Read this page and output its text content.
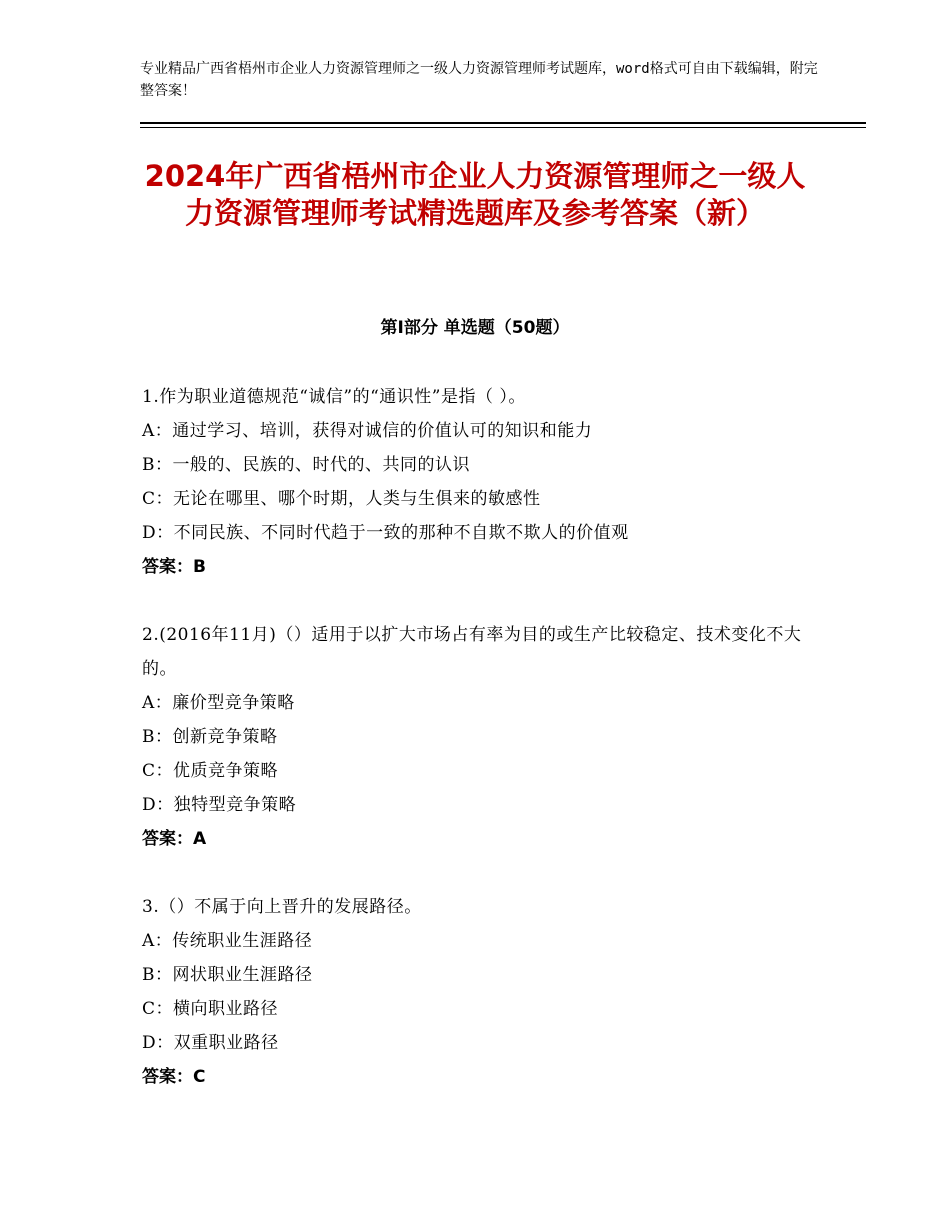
专业精品广西省梧州市企业人力资源管理师之一级人力资源管理师考试题库，word格式可自由下载编辑，附完整答案！
2024年广西省梧州市企业人力资源管理师之一级人力资源管理师考试精选题库及参考答案（新）
第Ⅰ部分 单选题（50题）
1.作为职业道德规范“诚信”的“通识性”是指（ ）。
A：通过学习、培训，获得对诚信的价值认可的知识和能力
B：一般的、民族的、时代的、共同的认识
C：无论在哪里、哪个时期，人类与生俱来的敏感性
D：不同民族、不同时代趋于一致的那种不自欺不欺人的价值观
答案：B
2.(2016年11月)（）适用于以扩大市场占有率为目的或生产比较稳定、技术变化不大的。
A：廉价型竞争策略
B：创新竞争策略
C：优质竞争策略
D：独特型竞争策略
答案：A
3.（）不属于向上晋升的发展路径。
A：传统职业生涯路径
B：网状职业生涯路径
C：横向职业路径
D：双重职业路径
答案：C
